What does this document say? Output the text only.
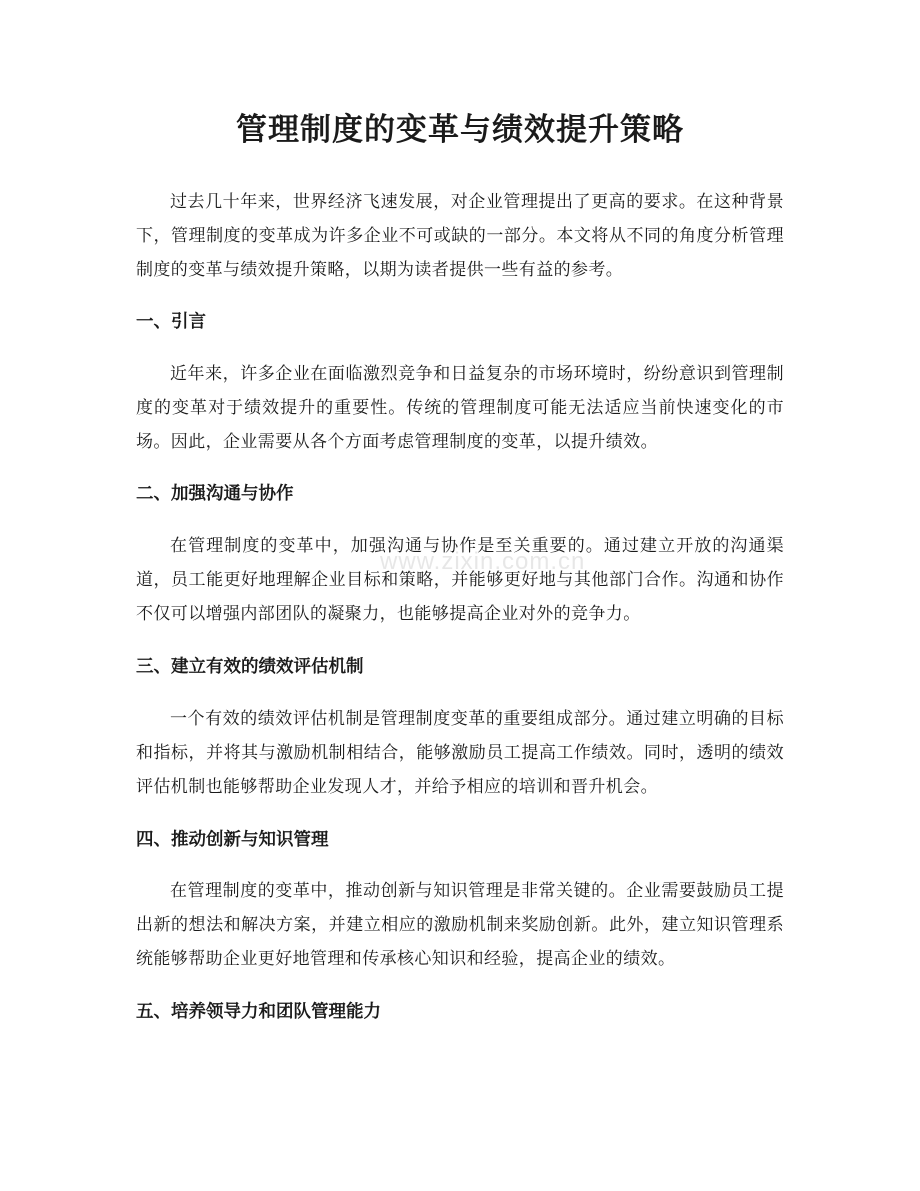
管理制度的变革与绩效提升策略

过去几十年来，世界经济飞速发展，对企业管理提出了更高的要求。在这种背景下，管理制度的变革成为许多企业不可或缺的一部分。本文将从不同的角度分析管理制度的变革与绩效提升策略，以期为读者提供一些有益的参考。

一、引言

近年来，许多企业在面临激烈竞争和日益复杂的市场环境时，纷纷意识到管理制度的变革对于绩效提升的重要性。传统的管理制度可能无法适应当前快速变化的市场。因此，企业需要从各个方面考虑管理制度的变革，以提升绩效。

二、加强沟通与协作

在管理制度的变革中，加强沟通与协作是至关重要的。通过建立开放的沟通渠道，员工能更好地理解企业目标和策略，并能够更好地与其他部门合作。沟通和协作不仅可以增强内部团队的凝聚力，也能够提高企业对外的竞争力。

三、建立有效的绩效评估机制

一个有效的绩效评估机制是管理制度变革的重要组成部分。通过建立明确的目标和指标，并将其与激励机制相结合，能够激励员工提高工作绩效。同时，透明的绩效评估机制也能够帮助企业发现人才，并给予相应的培训和晋升机会。

四、推动创新与知识管理

在管理制度的变革中，推动创新与知识管理是非常关键的。企业需要鼓励员工提出新的想法和解决方案，并建立相应的激励机制来奖励创新。此外，建立知识管理系统能够帮助企业更好地管理和传承核心知识和经验，提高企业的绩效。

五、培养领导力和团队管理能力
www.zixin.com.cn
